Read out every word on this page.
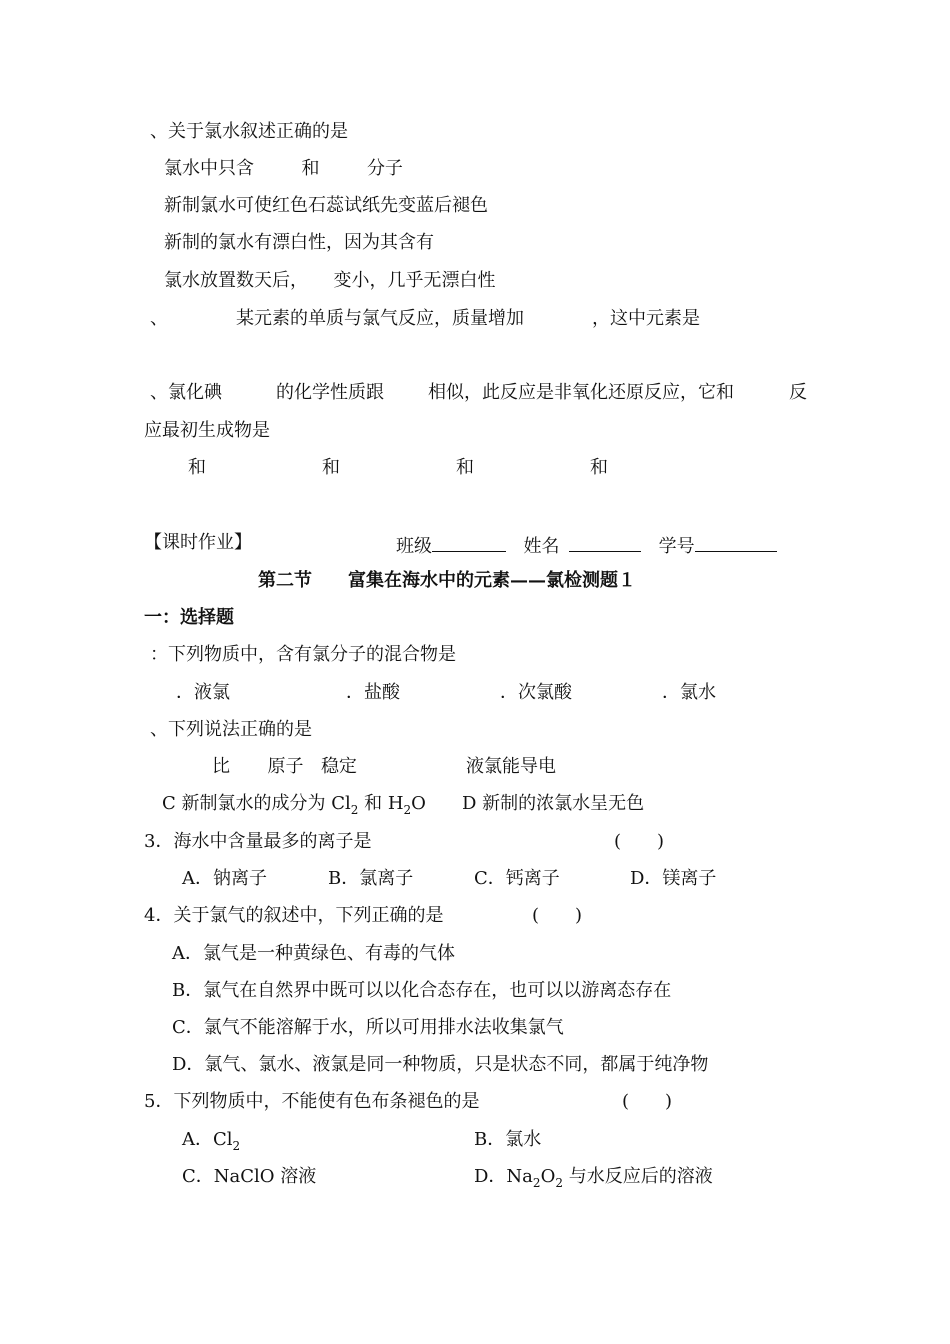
、关于氯水叙述正确的是
氯水中只含	和	分子
新制氯水可使红色石蕊试纸先变蓝后褪色
新制的氯水有漂白性，因为其含有
氯水放置数天后， 变小，几乎无漂白性
、	某元素的单质与氯气反应，质量增加	，这中元素是
、氯化碘	的化学性质跟 相似，此反应是非氧化还原反应，它和	反
应最初生成物是
和	和	和	和
【课时作业】	班级	姓名	学号
第二节　　富集在海水中的元素——氯检测题１
一：选择题
：下列物质中，含有氯分子的混合物是
．液氯	．盐酸	．次氯酸	．氯水
、下列说法正确的是
比 原子 稳定	液氯能导电
C 新制氯水的成分为 $Cl_2$ 和 $H_2O$ D 新制的浓氯水呈无色
3．海水中含量最多的离子是	(　　)
A．钠离子	B．氯离子	C．钙离子	D．镁离子
4．关于氯气的叙述中，下列正确的是	(　　)
A．氯气是一种黄绿色、有毒的气体
B．氯气在自然界中既可以以化合态存在，也可以以游离态存在
C．氯气不能溶解于水，所以可用排水法收集氯气
D．氯气、氯水、液氯是同一种物质，只是状态不同，都属于纯净物
5．下列物质中，不能使有色布条褪色的是	(　　)
A．$Cl_2$	B．氯水
C．NaClO 溶液	D．$Na_2O_2$ 与水反应后的溶液
